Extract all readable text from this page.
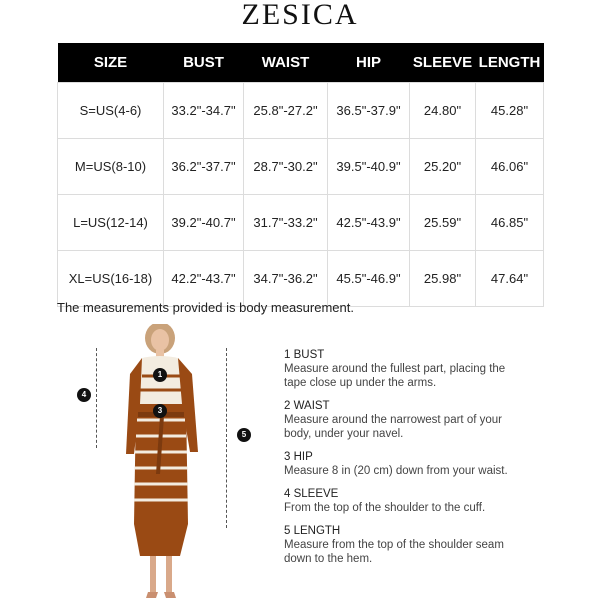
ZESICA
SIZE	BUST	WAIST	HIP	SLEEVE	LENGTH
S=US(4-6)	33.2"-34.7"	25.8"-27.2"	36.5"-37.9"	24.80"	45.28"
M=US(8-10)	36.2"-37.7"	28.7"-30.2"	39.5"-40.9"	25.20"	46.06"
L=US(12-14)	39.2"-40.7"	31.7"-33.2"	42.5"-43.9"	25.59"	46.85"
XL=US(16-18)	42.2"-43.7"	34.7"-36.2"	45.5"-46.9"	25.98"	47.64"
The measurements provided is body measurement.
4
5
1
3
1 BUST
Measure around the fullest part, placing the tape close up under the arms.
2 WAIST
Measure around the narrowest part of your body, under your navel.
3 HIP
Measure 8 in (20 cm) down from your waist.
4 SLEEVE
From the top of the shoulder to the cuff.
5 LENGTH
Measure from the top of the shoulder seam down to the hem.
